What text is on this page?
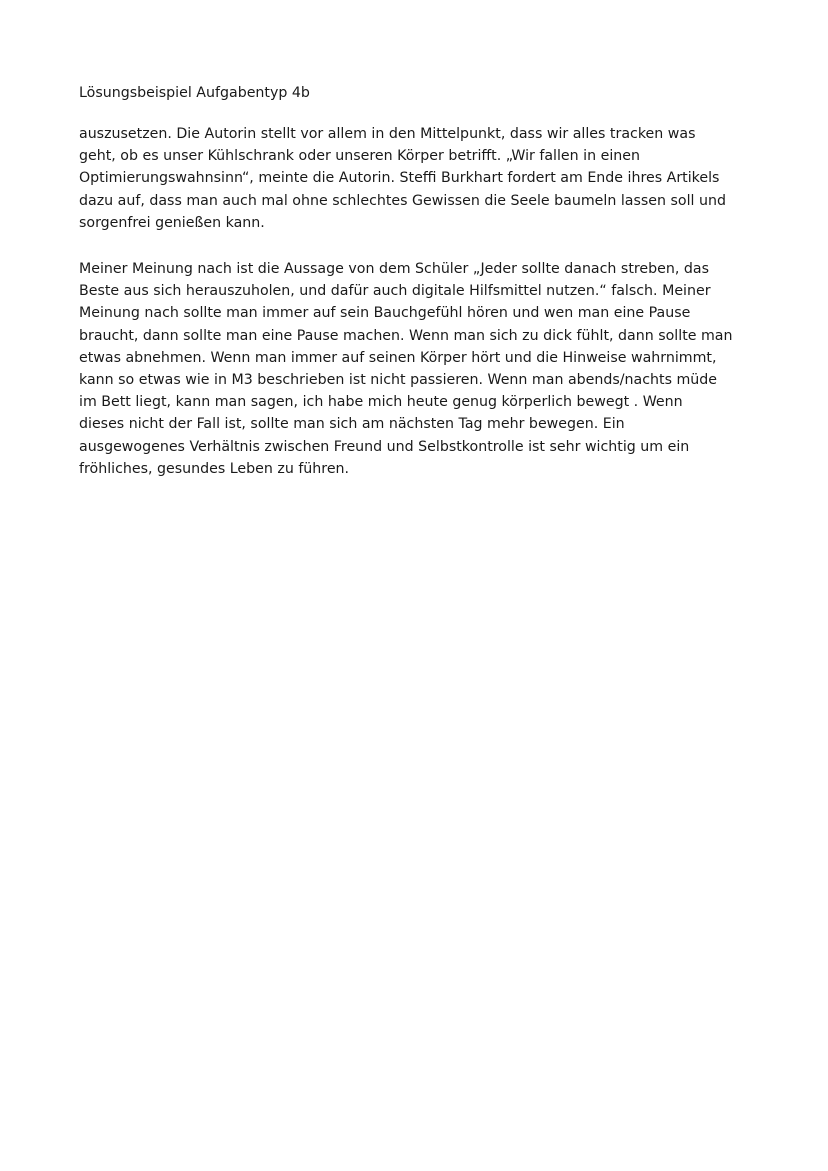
Lösungsbeispiel Aufgabentyp 4b
auszusetzen. Die Autorin stellt vor allem in den Mittelpunkt, dass wir alles tracken was
geht, ob es unser Kühlschrank oder unseren Körper betrifft. „Wir fallen in einen
Optimierungswahnsinn“, meinte die Autorin. Steffi Burkhart fordert am Ende ihres Artikels
dazu auf, dass man auch mal ohne schlechtes Gewissen die Seele baumeln lassen soll und
sorgenfrei genießen kann.
Meiner Meinung nach ist die Aussage von dem Schüler „Jeder sollte danach streben, das
Beste aus sich herauszuholen, und dafür auch digitale Hilfsmittel nutzen.“ falsch. Meiner
Meinung nach sollte man immer auf sein Bauchgefühl hören und wen man eine Pause
braucht, dann sollte man eine Pause machen. Wenn man sich zu dick fühlt, dann sollte man
etwas abnehmen. Wenn man immer auf seinen Körper hört und die Hinweise wahrnimmt,
kann so etwas wie in M3 beschrieben ist nicht passieren. Wenn man abends/nachts müde
im Bett liegt, kann man sagen, ich habe mich heute genug körperlich bewegt . Wenn
dieses nicht der Fall ist, sollte man sich am nächsten Tag mehr bewegen. Ein
ausgewogenes Verhältnis zwischen Freund und Selbstkontrolle ist sehr wichtig um ein
fröhliches, gesundes Leben zu führen.
